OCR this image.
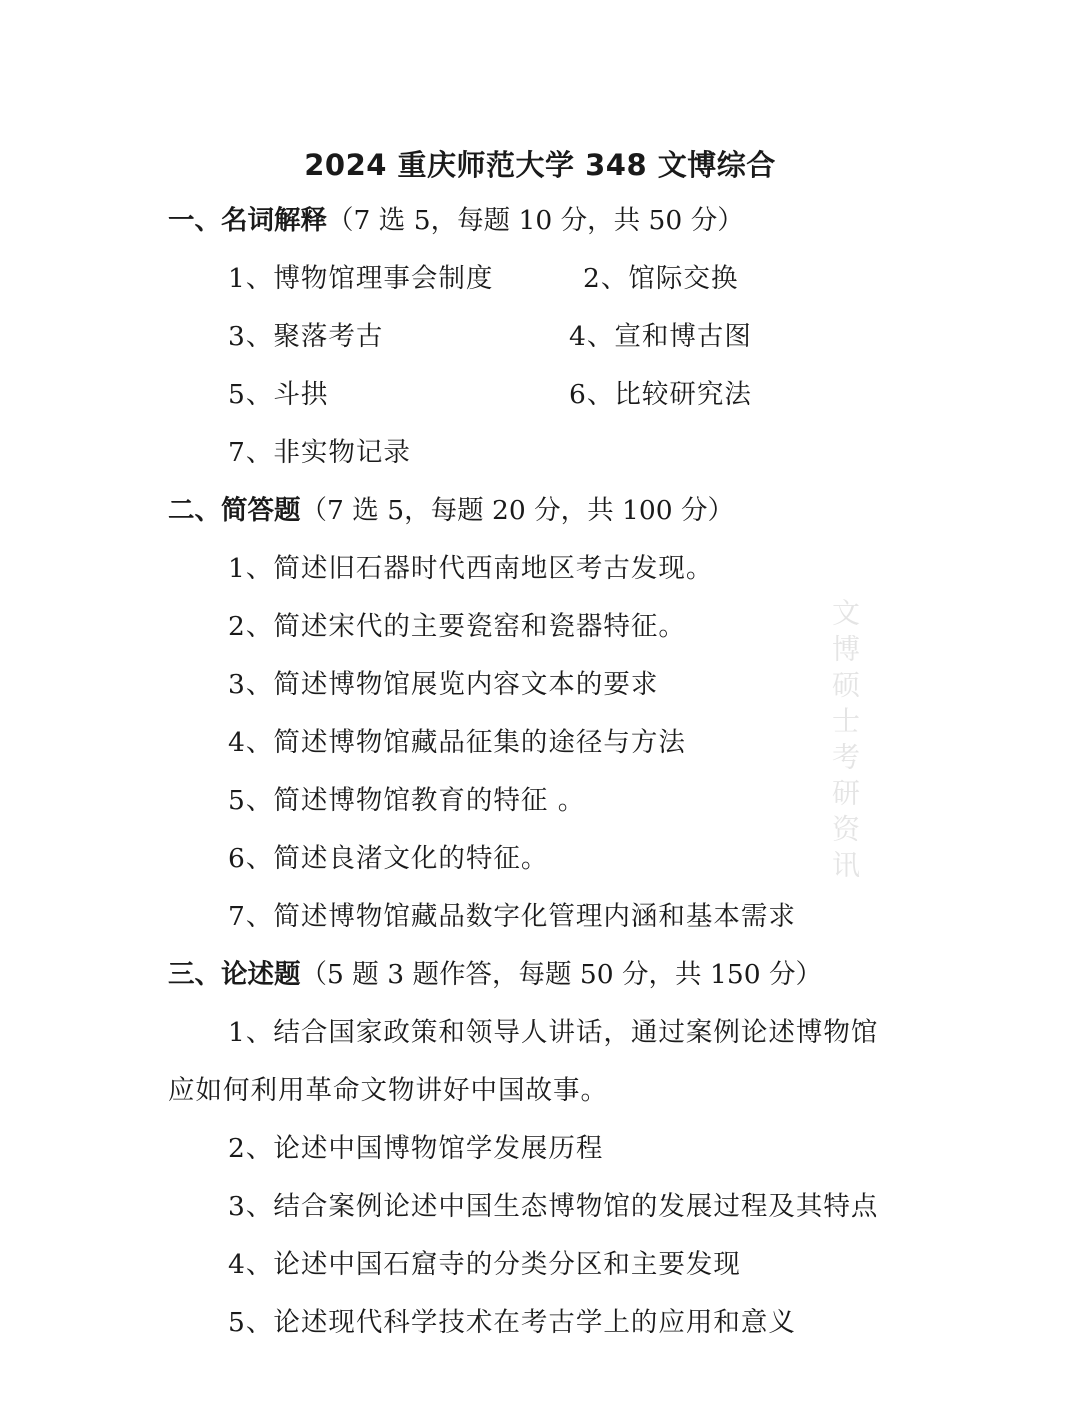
2024 重庆师范大学 348 文博综合
一、名词解释（7 选 5，每题 10 分，共 50 分）
1、博物馆理事会制度	2、馆际交换
3、聚落考古	4、宣和博古图
5、斗拱	6、比较研究法
7、非实物记录
二、简答题（7 选 5，每题 20 分，共 100 分）
1、简述旧石器时代西南地区考古发现。
2、简述宋代的主要瓷窑和瓷器特征。
3、简述博物馆展览内容文本的要求
4、简述博物馆藏品征集的途径与方法
5、简述博物馆教育的特征 。
6、简述良渚文化的特征。
7、简述博物馆藏品数字化管理内涵和基本需求
三、论述题（5 题 3 题作答，每题 50 分，共 150 分）
1、结合国家政策和领导人讲话，通过案例论述博物馆
应如何利用革命文物讲好中国故事。
2、论述中国博物馆学发展历程
3、结合案例论述中国生态博物馆的发展过程及其特点
4、论述中国石窟寺的分类分区和主要发现
5、论述现代科学技术在考古学上的应用和意义
文博硕士考研资讯
